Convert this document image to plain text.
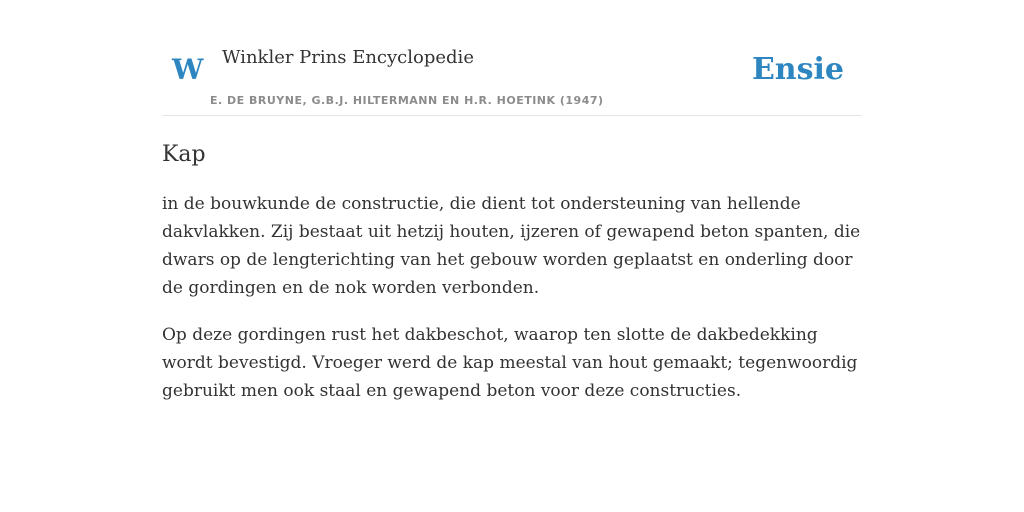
W Winkler Prins Encyclopedie
E. DE BRUYNE, G.B.J. HILTERMANN EN H.R. HOETINK (1947)
Ensie
Kap

in de bouwkunde de constructie, die dient tot ondersteuning van hellende dakvlakken. Zij bestaat uit hetzij houten, ijzeren of gewapend beton spanten, die dwars op de lengterichting van het gebouw worden geplaatst en onderling door de gordingen en de nok worden verbonden.

Op deze gordingen rust het dakbeschot, waarop ten slotte de dakbedekking wordt bevestigd. Vroeger werd de kap meestal van hout gemaakt; tegenwoordig gebruikt men ook staal en gewapend beton voor deze constructies.
